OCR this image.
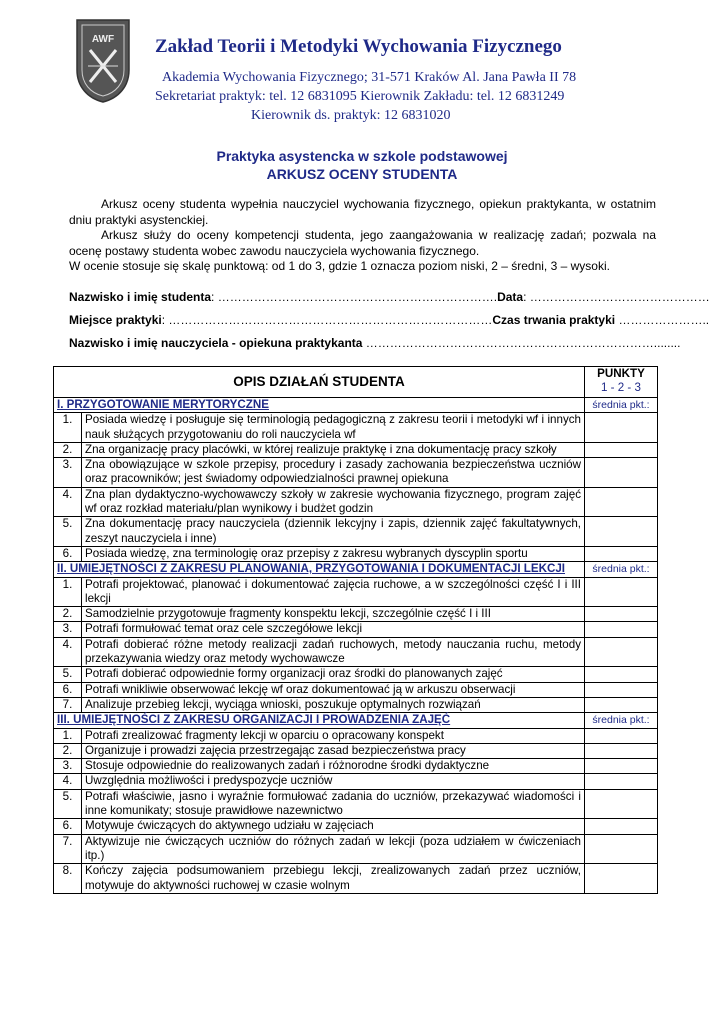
AWF Zakład Teorii i Metodyki Wychowania Fizycznego
Akademia Wychowania Fizycznego; 31-571 Kraków Al. Jana Pawła II 78
Sekretariat praktyk: tel. 12 6831095 Kierownik Zakładu: tel. 12 6831249
Kierownik ds. praktyk: 12 6831020
Praktyka asystencka w szkole podstawowej
ARKUSZ OCENY STUDENTA

Arkusz oceny studenta wypełnia nauczyciel wychowania fizycznego, opiekun praktykanta, w ostatnim dniu praktyki asystenckiej.

Arkusz służy do oceny kompetencji studenta, jego zaangażowania w realizację zadań; pozwala na ocenę postawy studenta wobec zawodu nauczyciela wychowania fizycznego.

W ocenie stosuje się skalę punktową: od 1 do 3, gdzie 1 oznacza poziom niski, 2 – średni, 3 – wysoki.

Nazwisko i imię studenta: …………………………………………………………….Data: ………………………………………
Miejsce praktyki: ………………………………………………………………………Czas trwania praktyki …………………..
Nazwisko i imię nauczyciela - opiekuna praktykanta ………………………………………………………………........
OPIS DZIAŁAŃ STUDENTA		PUNKTY
1 - 2 - 3

I. PRZYGOTOWANIE MERYTORYCZNE		średnia pkt.:
1.	Posiada wiedzę i posługuje się terminologią pedagogiczną z zakresu teorii i metodyki wf i innych nauk służących przygotowaniu do roli nauczyciela wf	
2.	Zna organizację pracy placówki, w której realizuje praktykę i zna dokumentację pracy szkoły	
3.	Zna obowiązujące w szkole przepisy, procedury i zasady zachowania bezpieczeństwa uczniów oraz pracowników; jest świadomy odpowiedzialności prawnej opiekuna	
4.	Zna plan dydaktyczno-wychowawczy szkoły w zakresie wychowania fizycznego, program zajęć wf oraz rozkład materiału/plan wynikowy i budżet godzin	
5.	Zna dokumentację pracy nauczyciela (dziennik lekcyjny i zapis, dziennik zajęć fakultatywnych, zeszyt nauczyciela i inne)	
6.	Posiada wiedzę, zna terminologię oraz przepisy z zakresu wybranych dyscyplin sportu	
II. UMIEJĘTNOŚCI Z ZAKRESU PLANOWANIA, PRZYGOTOWANIA I DOKUMENTACJI LEKCJI		średnia pkt.:
1.	Potrafi projektować, planować i dokumentować zajęcia ruchowe, a w szczególności część I i III lekcji	
2.	Samodzielnie przygotowuje fragmenty konspektu lekcji, szczególnie część I i III	
3.	Potrafi formułować temat oraz cele szczegółowe lekcji	
4.	Potrafi dobierać różne metody realizacji zadań ruchowych, metody nauczania ruchu, metody przekazywania wiedzy oraz metody wychowawcze	
5.	Potrafi dobierać odpowiednie formy organizacji oraz środki do planowanych zajęć	
6.	Potrafi wnikliwie obserwować lekcję wf oraz dokumentować ją w arkuszu obserwacji	
7.	Analizuje przebieg lekcji, wyciąga wnioski, poszukuje optymalnych rozwiązań	
III. UMIEJĘTNOŚCI Z ZAKRESU ORGANIZACJI I PROWADZENIA ZAJĘĆ		średnia pkt.:
1.	Potrafi zrealizować fragmenty lekcji w oparciu o opracowany konspekt	
2.	Organizuje i prowadzi zajęcia przestrzegając zasad bezpieczeństwa pracy	
3.	Stosuje odpowiednie do realizowanych zadań i różnorodne środki dydaktyczne	
4.	Uwzględnia możliwości i predyspozycje uczniów	
5.	Potrafi właściwie, jasno i wyraźnie formułować zadania do uczniów, przekazywać wiadomości i inne komunikaty; stosuje prawidłowe nazewnictwo	
6.	Motywuje ćwiczących do aktywnego udziału w zajęciach	
7.	Aktywizuje nie ćwiczących uczniów do różnych zadań w lekcji (poza udziałem w ćwiczeniach itp.)	
8.	Kończy zajęcia podsumowaniem przebiegu lekcji, zrealizowanych zadań przez uczniów, motywuje do aktywności ruchowej w czasie wolnym	
